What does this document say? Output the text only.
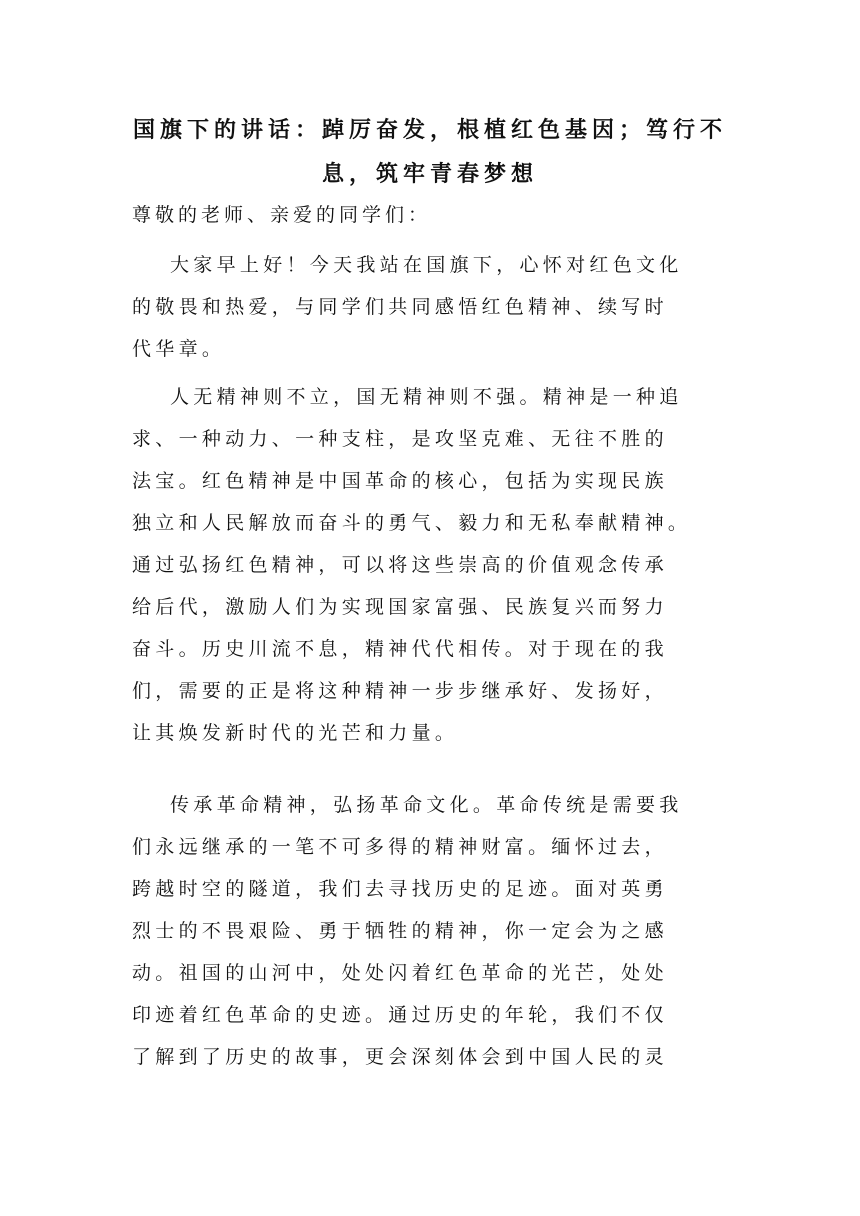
国旗下的讲话：踔厉奋发，根植红色基因；笃行不
息，筑牢青春梦想
尊敬的老师、亲爱的同学们：
大家早上好！今天我站在国旗下，心怀对红色文化
的敬畏和热爱，与同学们共同感悟红色精神、续写时
代华章。
人无精神则不立，国无精神则不强。精神是一种追
求、一种动力、一种支柱，是攻坚克难、无往不胜的
法宝。红色精神是中国革命的核心，包括为实现民族
独立和人民解放而奋斗的勇气、毅力和无私奉献精神。
通过弘扬红色精神，可以将这些崇高的价值观念传承
给后代，激励人们为实现国家富强、民族复兴而努力
奋斗。历史川流不息，精神代代相传。对于现在的我
们，需要的正是将这种精神一步步继承好、发扬好，
让其焕发新时代的光芒和力量。
传承革命精神，弘扬革命文化。革命传统是需要我
们永远继承的一笔不可多得的精神财富。缅怀过去，
跨越时空的隧道，我们去寻找历史的足迹。面对英勇
烈士的不畏艰险、勇于牺牲的精神，你一定会为之感
动。祖国的山河中，处处闪着红色革命的光芒，处处
印迹着红色革命的史迹。通过历史的年轮，我们不仅
了解到了历史的故事，更会深刻体会到中国人民的灵
